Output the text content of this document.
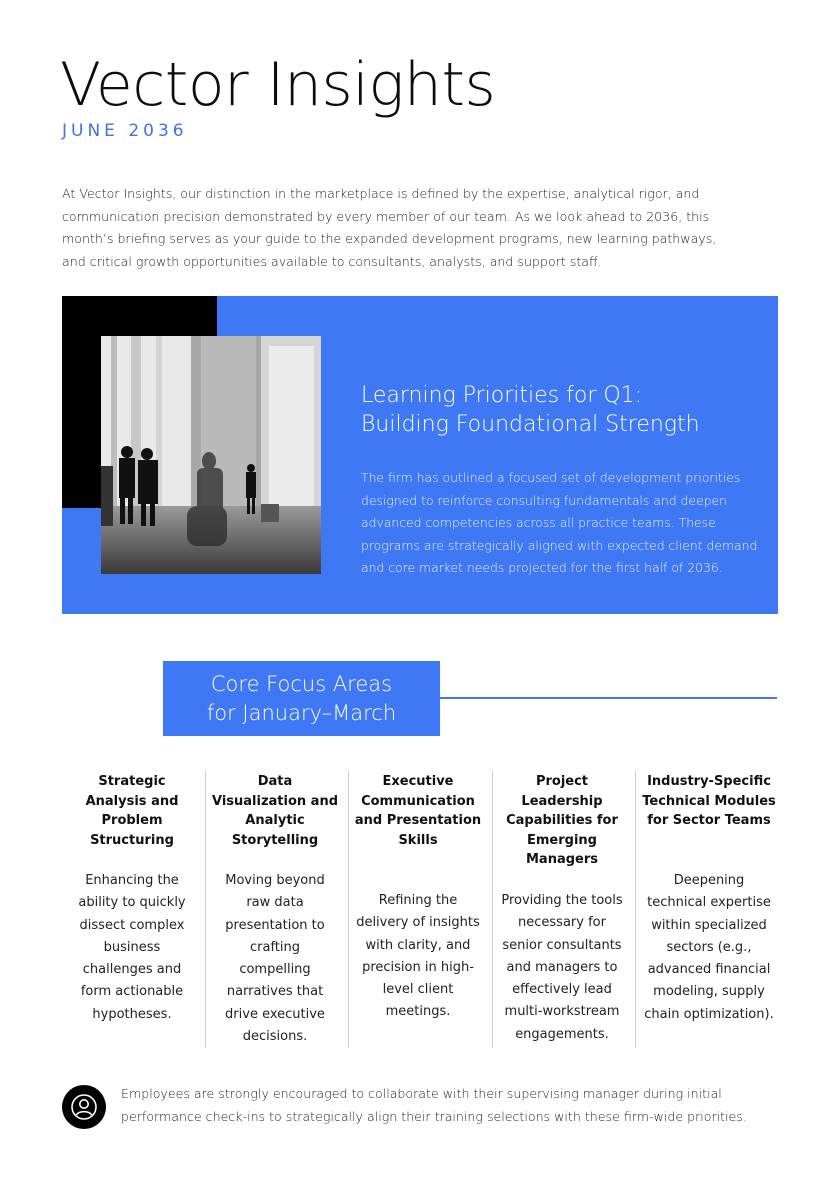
Vector Insights
JUNE 2036

At Vector Insights, our distinction in the marketplace is defined by the expertise, analytical rigor, and communication precision demonstrated by every member of our team. As we look ahead to 2036, this month’s briefing serves as your guide to the expanded development programs, new learning pathways, and critical growth opportunities available to consultants, analysts, and support staff.

Learning Priorities for Q1:
Building Foundational Strength

The firm has outlined a focused set of development priorities designed to reinforce consulting fundamentals and deepen advanced competencies across all practice teams. These programs are strategically aligned with expected client demand and core market needs projected for the first half of 2036.

Core Focus Areas
for January–March
Strategic Analysis and Problem Structuring
Enhancing the ability to quickly dissect complex business challenges and form actionable hypotheses.
Data Visualization and Analytic Storytelling
Moving beyond raw data presentation to crafting compelling narratives that drive executive decisions.
Executive Communication and Presentation Skills
Refining the delivery of insights with clarity, and precision in high-level client meetings.
Project Leadership Capabilities for Emerging Managers
Providing the tools necessary for senior consultants and managers to effectively lead multi-workstream engagements.
Industry-Specific Technical Modules for Sector Teams
Deepening technical expertise within specialized sectors (e.g., advanced financial modeling, supply chain optimization).

Employees are strongly encouraged to collaborate with their supervising manager during initial performance check-ins to strategically align their training selections with these firm-wide priorities.
